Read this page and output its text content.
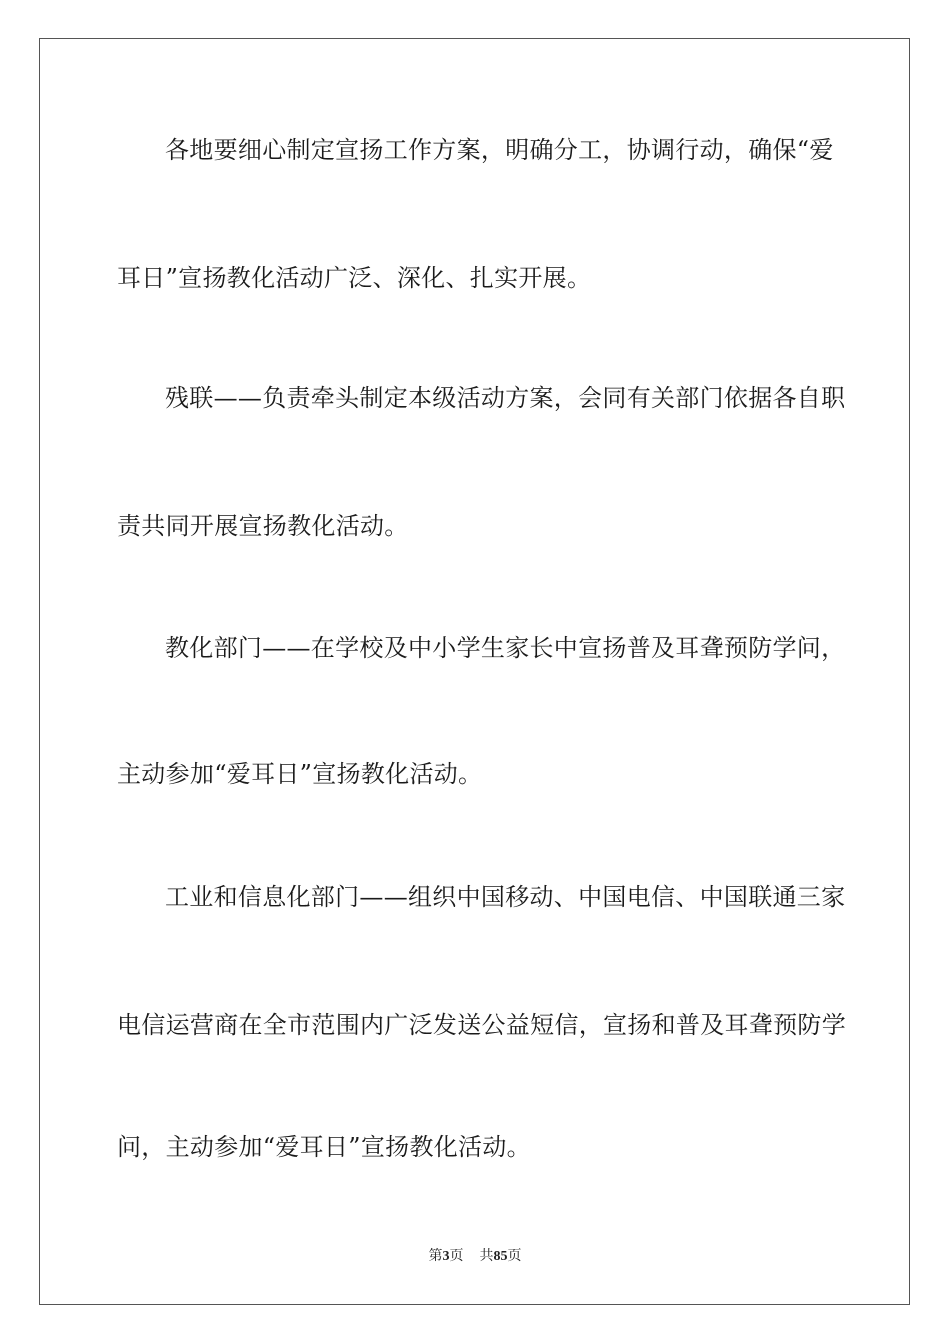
各地要细心制定宣扬工作方案，明确分工，协调行动，确保“爱

耳日”宣扬教化活动广泛、深化、扎实开展。

残联——负责牵头制定本级活动方案，会同有关部门依据各自职

责共同开展宣扬教化活动。

教化部门——在学校及中小学生家长中宣扬普及耳聋预防学问，

主动参加“爱耳日”宣扬教化活动。

工业和信息化部门——组织中国移动、中国电信、中国联通三家

电信运营商在全市范围内广泛发送公益短信，宣扬和普及耳聋预防学

问，主动参加“爱耳日”宣扬教化活动。

第3页 共85页
